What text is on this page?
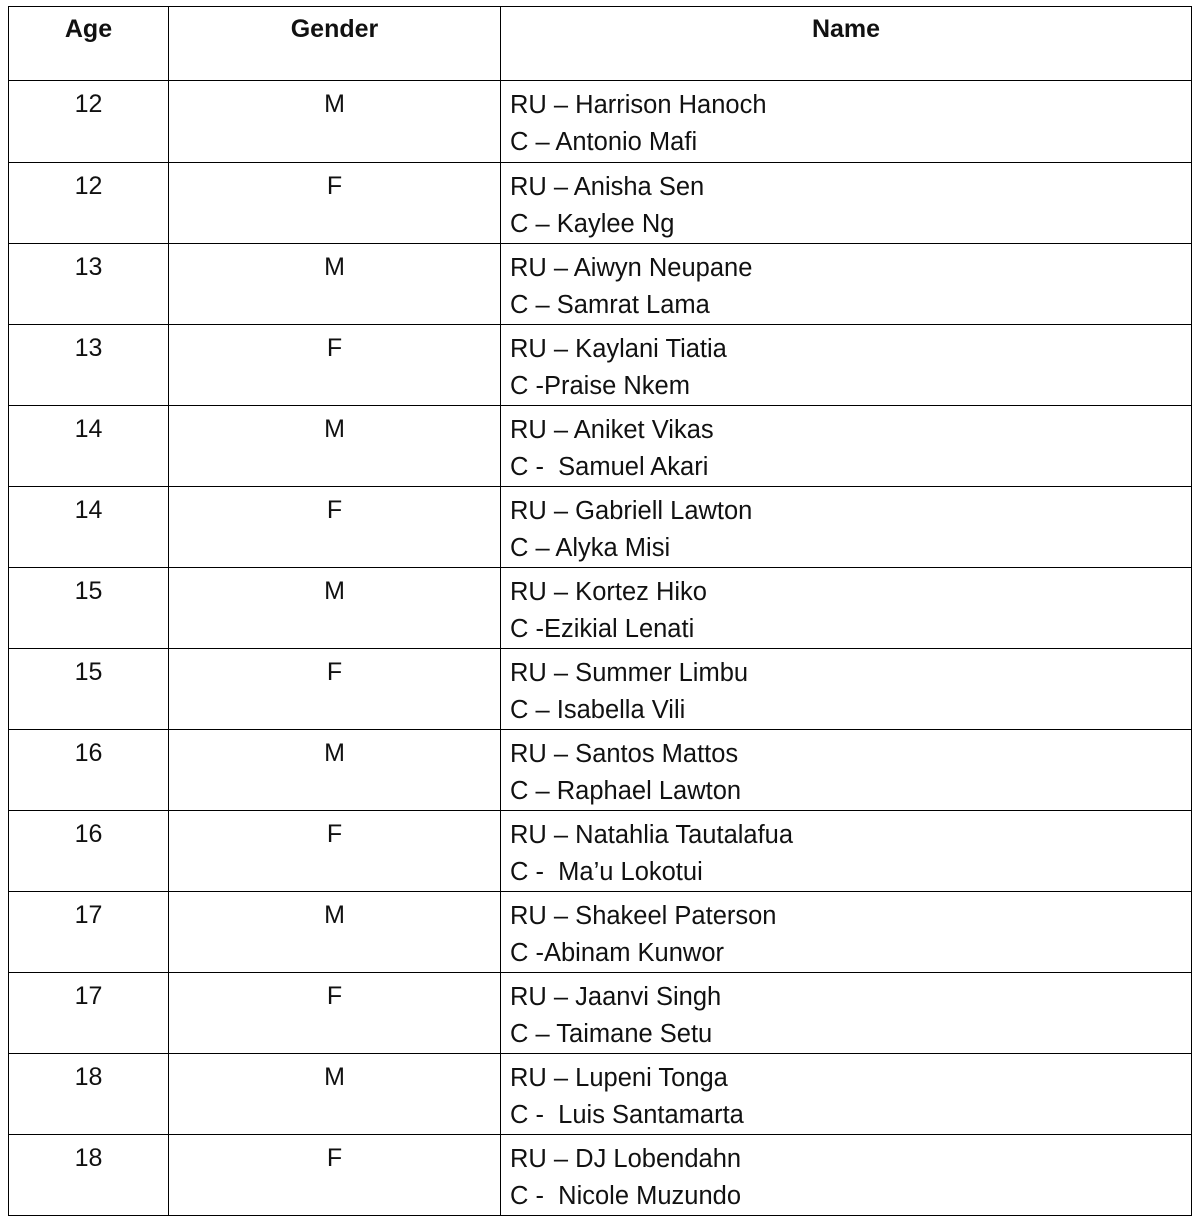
Age	Gender	Name
12	M	RU – Harrison Hanoch
C – Antonio Mafi

12	F	RU – Anisha Sen
C – Kaylee Ng

13	M	RU – Aiwyn Neupane
C – Samrat Lama

13	F	RU – Kaylani Tiatia
C -Praise Nkem

14	M	RU – Aniket Vikas
C -  Samuel Akari

14	F	RU – Gabriell Lawton
C – Alyka Misi

15	M	RU – Kortez Hiko
C -Ezikial Lenati

15	F	RU – Summer Limbu
C – Isabella Vili

16	M	RU – Santos Mattos
C – Raphael Lawton

16	F	RU – Natahlia Tautalafua
C -  Ma’u Lokotui

17	M	RU – Shakeel Paterson
C -Abinam Kunwor

17	F	RU – Jaanvi Singh
C – Taimane Setu

18	M	RU – Lupeni Tonga
C -  Luis Santamarta

18	F	RU – DJ Lobendahn
C -  Nicole Muzundo
